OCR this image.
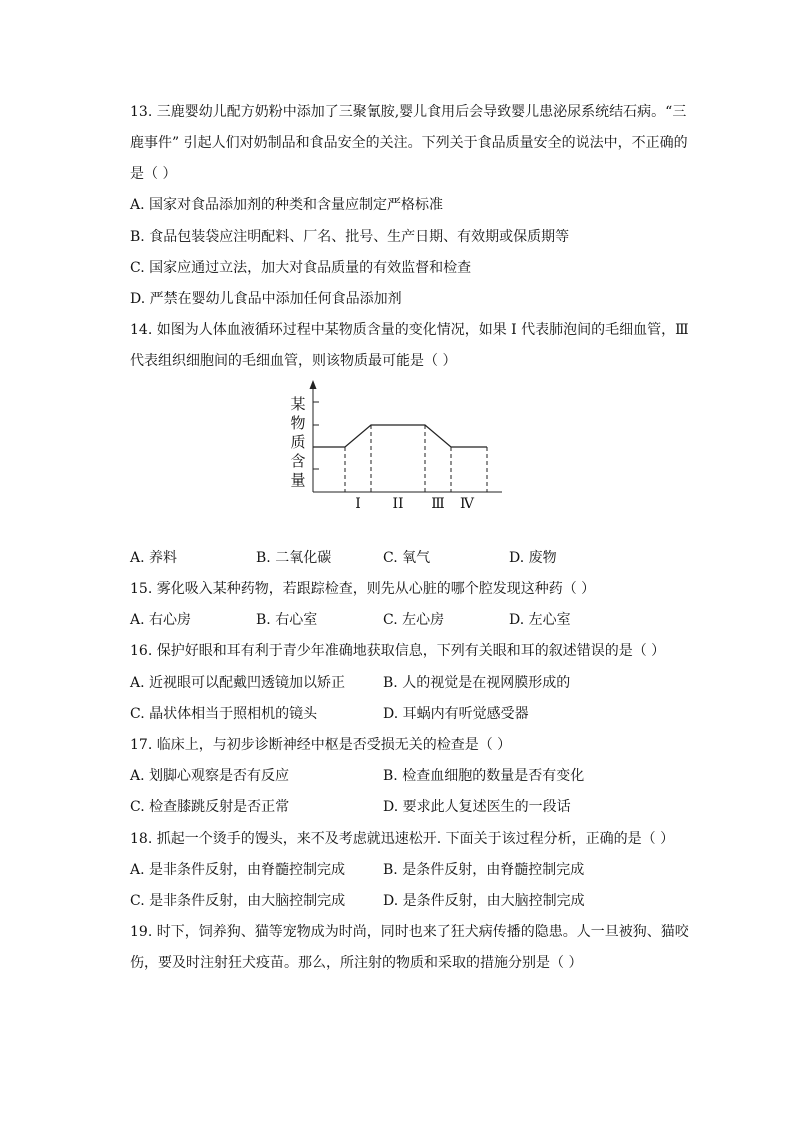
13. 三鹿婴幼儿配方奶粉中添加了三聚氰胺,婴儿食用后会导致婴儿患泌尿系统结石病。“三
鹿事件” 引起人们对奶制品和食品安全的关注。下列关于食品质量安全的说法中，不正确的
是（ ）
A. 国家对食品添加剂的种类和含量应制定严格标准
B. 食品包装袋应注明配料、厂名、批号、生产日期、有效期或保质期等
C. 国家应通过立法，加大对食品质量的有效监督和检查
D. 严禁在婴幼儿食品中添加任何食品添加剂
14. 如图为人体血液循环过程中某物质含量的变化情况，如果 I 代表肺泡间的毛细血管，Ⅲ
代表组织细胞间的毛细血管，则该物质最可能是（ ）
某
物
质
含
量
I II Ⅲ Ⅳ
A. 养料	B. 二氧化碳	C. 氧气	D. 废物
15. 雾化吸入某种药物，若跟踪检查，则先从心脏的哪个腔发现这种药（ ）
A. 右心房	B. 右心室	C. 左心房	D. 左心室
16. 保护好眼和耳有利于青少年准确地获取信息，下列有关眼和耳的叙述错误的是（ ）
A. 近视眼可以配戴凹透镜加以矫正	B. 人的视觉是在视网膜形成的
C. 晶状体相当于照相机的镜头	D. 耳蜗内有听觉感受器
17. 临床上，与初步诊断神经中枢是否受损无关的检查是（ ）
A. 划脚心观察是否有反应	B. 检查血细胞的数量是否有变化
C. 检查膝跳反射是否正常	D. 要求此人复述医生的一段话
18. 抓起一个烫手的馒头，来不及考虑就迅速松开. 下面关于该过程分析，正确的是（ ）
A. 是非条件反射，由脊髓控制完成	B. 是条件反射，由脊髓控制完成
C. 是非条件反射，由大脑控制完成	D. 是条件反射，由大脑控制完成
19. 时下，饲养狗、猫等宠物成为时尚，同时也来了狂犬病传播的隐患。人一旦被狗、猫咬
伤，要及时注射狂犬疫苗。那么，所注射的物质和采取的措施分别是（ ）
